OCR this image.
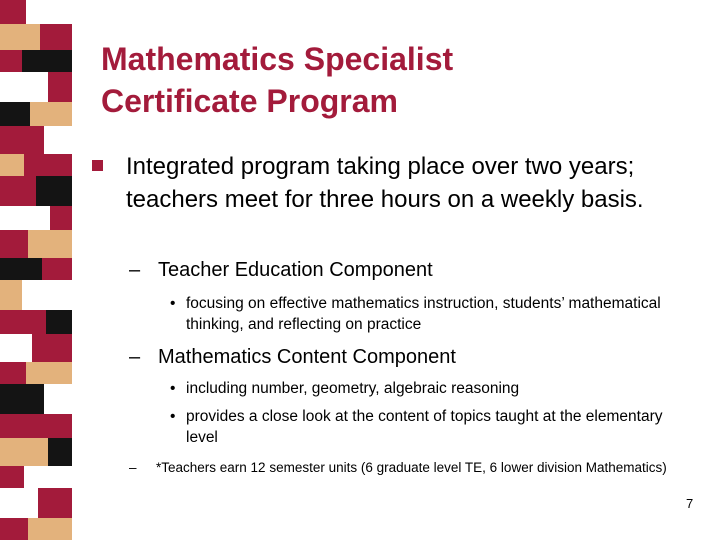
Mathematics Specialist
Certificate Program
Integrated program taking place over two years; teachers meet for three hours on a weekly basis.
– Teacher Education Component
• focusing on effective mathematics instruction, students’ mathematical thinking, and reflecting on practice
– Mathematics Content Component
• including number, geometry, algebraic reasoning
• provides a close look at the content of topics taught at the elementary level
– *Teachers earn 12 semester units (6 graduate level TE, 6 lower division Mathematics)
7
